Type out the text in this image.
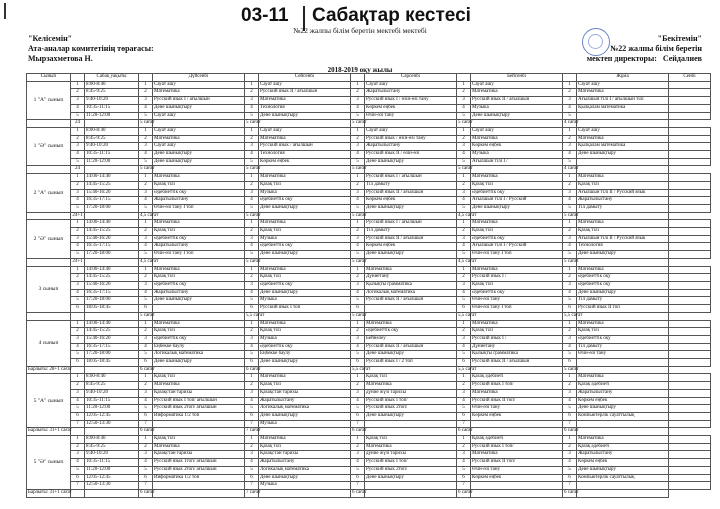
03-11 Сабақтар кестесі
№22 жалпы білім беретін мектебі мектебі
"Келісемін"
Ата-аналар комитетінің төрағасы:
Мырзахметова Н.
"Бекітемін"
№22 жалпы білім беретін
мектеп директоры: Сейдалиев
2018-2019 оқу жылы
Сынып		Сабақ уақыты		Дүйсенбі		Сейсенбі		Сәрсенбі		Бейсенбі		Жұма	Сенбі
1 "А" сынып	1	8:00-8:40	1	Сауат ашу	1	Сауат ашу	1	Сауат ашу	1	Сауат ашу	1	Сауат ашу	
	2	8:45-9:25	2	Математика	2	Русский язык II / ағылшын	2	Жаратылыстану	2	Математика	2	Математика	
	3	9:40-10:20	3	Русский язык I / ағылшын	3	Математика	3	Русский язык I / өзін-өзі тану	3	Русский язык II / ағылшын	3	Ағылшын тілі I / ағылшын тілі	
	4	10:35-11:15	4	Дене шынықтыру	4	Технология	4	Көркем еңбек	4	Музыка	4	Қылқалам математика	
	5	11:20-12:00	5	Сауат ашу	5	Дене шынықтыру	5	Өзін-өзі тану	5	Дене шынықтыру	5		
	24		5 сағат		5 сағат		5 сағат		5 сағат		4 сағат		
1 "Ә" сынып	1	8:00-8:40	1	Сауат ашу	1	Сауат ашу	1	Сауат ашу	1	Сауат ашу	1	Сауат ашу	
	2	8:45-9:25	2	Математика	2	Математика	2	Русский язык / өзін-өзі тану	2	Математика	2	Математика	
	3	9:40-10:20	3	Сауат ашу	3	Русский язык / ағылшын	3	Жаратылыстану	3	Көркем еңбек	3	Қылқалам математика	
	4	10:35-11:15	4	Дене шынықтыру	4	Технология	4	Русский язык II / өзін-өзі	4	Музыка	4	Дене шынықтыру	
	5	11:20-12:00	5	Дене шынықтыру	5	Көркем еңбек	5	Дене шынықтыру	5	Ағылшын тілі I /	5		
	24		5 сағат		5 сағат		5 сағат		5 сағат		4 сағат		
2 "А" сынып	1	14:00-14:40	1	Математика	1	Математика	1	Русский язык I / ағылшын	1	Математика	1	Математика	
	2	14:45-15:25	2	Қазақ тілі	2	Қазақ тілі	2	Тіл дамыту	2	Қазақ тілі	2	Қазақ тілі	
	3	15:40-16:20	3	Әдебиеттік оқу	3	Музыка	3	Русский язык II / ағылшын	3	Әдебиеттік оқу	3	Ағылшын тілі II / Русский язык	
	4	16:35-17:15	4	Жаратылыстану	4	Әдебиеттік оқу	4	Көркем еңбек	4	Ағылшын тілі I / Русский	4	Жаратылыстану	
	5	17:20-18:00	5	Өзін-өзі тану I топ	5	Дене шынықтыру	5	Дене шынықтыру	5	Дене шынықтыру	5	Тіл дамыту	
	24+1		4,5 сағат		5 сағат		5 сағат		4,5 сағат		5 сағат		
2 "Ә" сынып	1	14:00-14:40	1	Математика	1	Математика	1	Русский язык I / ағылшын	1	Математика	1	Математика	
	2	14:45-15:25	2	Қазақ тілі	2	Қазақ тілі	2	Тіл дамыту	2	Қазақ тілі	2	Қазақ тілі	
	3	15:40-16:20	3	Әдебиеттік оқу	3	Музыка	3	Русский язык II / ағылшын	3	Әдебиеттік оқу	3	Ағылшын тілі II / Русский язык	
	4	16:35-17:15	4	Жаратылыстану	4	Әдебиеттік оқу	4	Көркем еңбек	4	Ағылшын тілі I / Русский	4	Технология	
	5	17:20-18:00	5	Өзін-өзі тану I топ	5	Дене шынықтыру	5	Дене шынықтыру	5	Өзін-өзі тану I топ	5	Дене шынықтыру	
	24+1		4,5 сағат		5 сағат		5 сағат		4,5 сағат		5 сағат		
3 сынып	1	14:00-14:40	1	Математика	1	Математика	1	Математика	1	Математика	1	Математика	
	2	14:45-15:25	2	Қазақ тілі	2	Қазақ тілі	2	Дүниетану	2	Русский язык I /	2	Әдебиеттік оқу	
	3	15:40-16:20	3	Әдебиеттік оқу	3	Әдебиеттік оқу	3	Қызықты грамматика	3	Қазақ тілі	3	Әдебиеттік оқу	
	4	16:35-17:15	4	Жаратылыстану	4	Дене шынықтыру	4	Логикалық математика	4	Әдебиеттік оқу	4	Дене шынықтыру	
	5	17:20-18:00	5	Дене шынықтыру	5	Музыка	5	Русский язык II / ағылшын	5	Өзін-өзі тану	5	Тіл дамыту	
	6	18:05-18:45	6		6	Русский язык I топ	6		6	Өзін-өзі тану I топ	6	Русский язык II топ	
			5 сағат		5,5 сағат		5 сағат		5,5 сағат		5,5 сағат		
4 сынып	1	14:00-14:40	1	Математика	1	Математика	1	Математика	1	Математика	1	Математика	
	2	14:45-15:25	2	Қазақ тілі	2	Қазақ тілі	2	Әдебиеттік оқу	2	Қазақ тілі	2	Қазақ тілі	
	3	15:40-16:20	3	Әдебиеттік оқу	3	Музыка	3	Бейнелеу	3	Русский язык I /	3	Әдебиеттік оқу	
	4	16:35-17:15	4	Еңбекке баулу	4	Әдебиеттік оқу	4	Русский язык II / ағылшын	4	Дүниетану	4	Тіл дамыту	
	5	17:20-18:00	5	Логикалық математика	5	Еңбекке баулу	5	Дене шынықтыру	5	Қызықты грамматика	5	Өзін-өзі тану	
	6	18:05-18:45	6	Дене шынықтыру	6	Дене шынықтыру	6	Русский язык I / 2 топ	6	Русский язык II / ағылшын	6		
Барлығы: 28+1 сағат			6 сағат		6 сағат		5,5 сағат		5,5 сағат		5 сағат		
5 "А" сынып	1	8:00-8:40	1	Қазақ тілі	1	Математика	1	Қазақ тілі	1	Қазақ әдебиеті	1	Математика	
	2	8:45-9:25	2	Математика	2	Қазақ тілі	2	Математика	2	Русский язык I топ/	2	Қазақ әдебиеті	
	3	9:40-10:20	3	Қазақстан тарихы	3	Қазақстан тарихы	3	дүние жүзі тарихы	3	Математика	3	Жаратылыстану	
	4	10:35-11:15	4	Русский язык I топ/ ағылшын	4	Жаратылыстану	4	Русский язык I топ/	4	Русский язык II топ/	4	Көркем еңбек	
	5	11:20-12:00	5	Русский язык 2топ/ ағылшын	5	Логикалық математика	5	Русский язык 2топ/	5	Өзін-өзі тану	5	Дене шынықтыру	
	6	12:05-12:45	6	Информатика 1/2 топ	6	Дене шынықтыру	6	Дене шынықтыру	6	Көркем еңбек	6	Компьютерлік сауаттылық	
	7	12:50-13:30	7		7	Музыка	7		7		7		
Барлығы: 31+1 сағат			6 сағат		7 сағат		6 сағат		6 сағат		6 сағат		
5 "Ә" сынып	1	8:00-8:40	1	Қазақ тілі	1	Математика	1	Қазақ тілі	1	Қазақ әдебиеті	1	Математика	
	2	8:45-9:25	2	Математика	2	Қазақ тілі	2	Математика	2	Русский язык I топ/	2	Қазақ әдебиеті	
	3	9:40-10:20	3	Қазақстан тарихы	3	Қазақстан тарихы	3	дүние жүзі тарихы	3	Математика	3	Жаратылыстану	
	4	10:35-11:15	4	Русский язык 1топ/ ағылшын	4	Жаратылыстану	4	Русский язык I топ/	4	Русский язык II топ/	4	Көркем еңбек	
	5	11:20-12:00	5	Русский язык 2топ/ ағылшын	5	Логикалық математика	5	Русский язык 2топ/	5	Өзін-өзі тану	5	Дене шынықтыру	
	6	12:05-12:45	6	Информатика 1/2 топ	6	Дене шынықтыру	6	Дене шынықтыру	6	Көркем еңбек	6	Компьютерлік сауаттылық	
	7	12:50-13:30	7		7	Музыка	7		7		7		
Барлығы: 31+1 сағат			6 сағат		7 сағат		6 сағат		6 сағат		6 сағат		
